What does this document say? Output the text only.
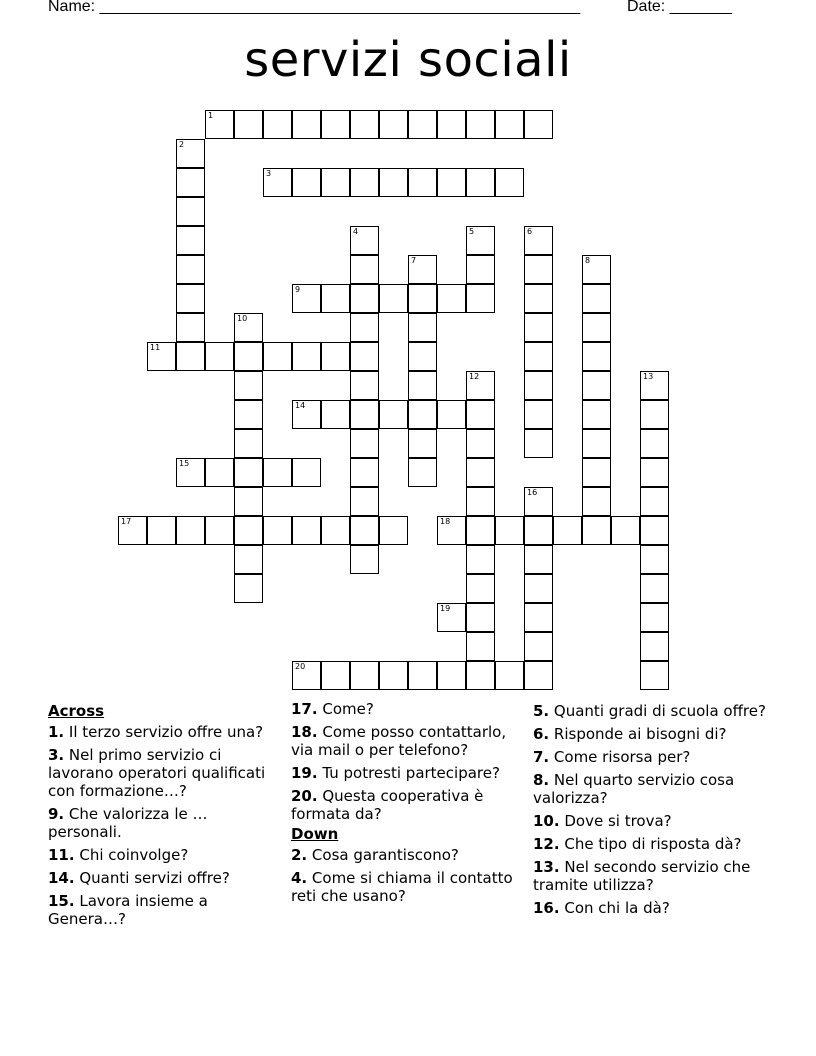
Name: ______________________________________________________	Date: _______
servizi sociali
1
2
3
4	5	6
7	8
9
10
11
12	13
14
15
16
17	18
19
20
Across
1. Il terzo servizio offre una?
3. Nel primo servizio ci lavorano operatori qualificati con formazione…?
9. Che valorizza le … personali.
11. Chi coinvolge?
14. Quanti servizi offre?
15. Lavora insieme a Genera…?
17. Come?
18. Come posso contattarlo, via mail o per telefono?
19. Tu potresti partecipare?
20. Questa cooperativa è formata da?
Down
2. Cosa garantiscono?
4. Come si chiama il contatto reti che usano?
5. Quanti gradi di scuola offre?
6. Risponde ai bisogni di?
7. Come risorsa per?
8. Nel quarto servizio cosa valorizza?
10. Dove si trova?
12. Che tipo di risposta dà?
13. Nel secondo servizio che tramite utilizza?
16. Con chi la dà?
